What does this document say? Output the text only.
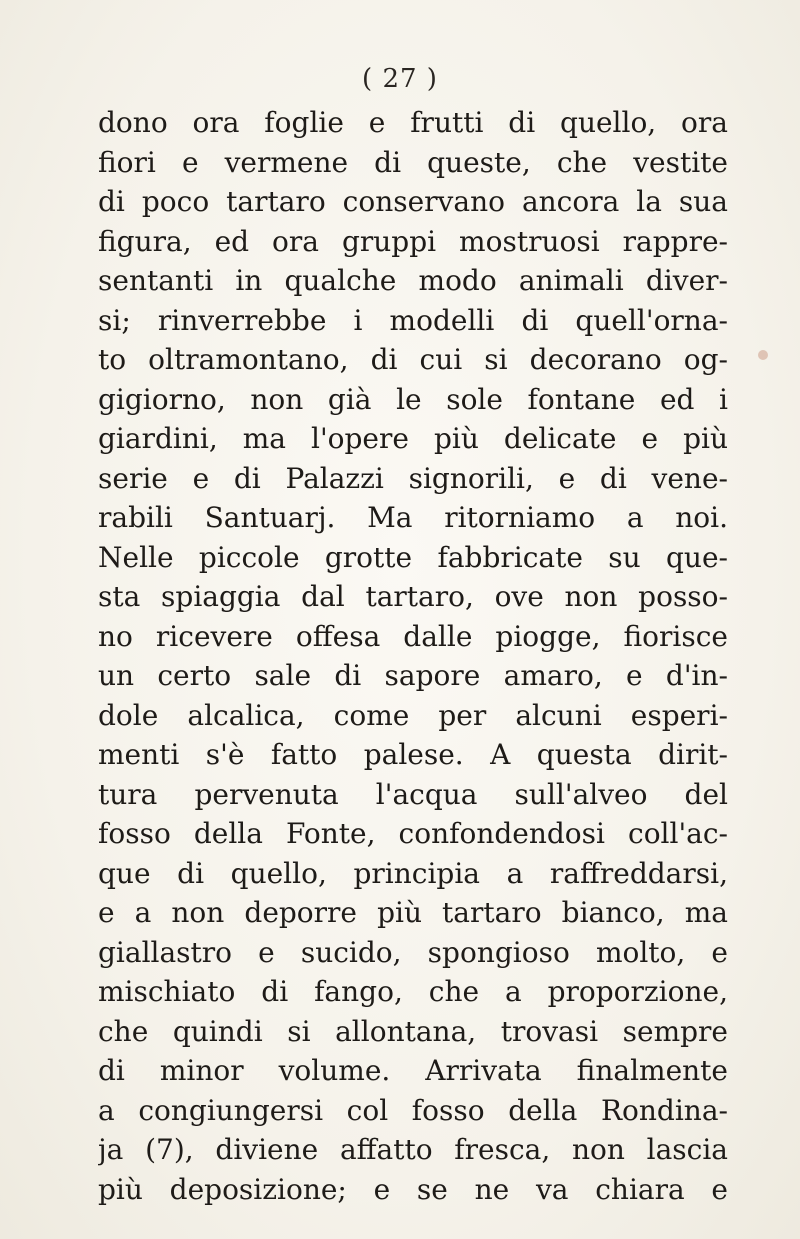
( 27 )
dono ora foglie e frutti di quello, ora
fiori e vermene di queste, che vestite
di poco tartaro conservano ancora la sua
figura, ed ora gruppi mostruosi rappre-
sentanti in qualche modo animali diver-
si; rinverrebbe i modelli di quell'orna-
to oltramontano, di cui si decorano og-
gigiorno, non già le sole fontane ed i
giardini, ma l'opere più delicate e più
serie e di Palazzi signorili, e di vene-
rabili Santuarj. Ma ritorniamo a noi.
Nelle piccole grotte fabbricate su que-
sta spiaggia dal tartaro, ove non posso-
no ricevere offesa dalle piogge, fiorisce
un certo sale di sapore amaro, e d'in-
dole alcalica, come per alcuni esperi-
menti s'è fatto palese. A questa dirit-
tura pervenuta l'acqua sull'alveo del
fosso della Fonte, confondendosi coll'ac-
que di quello, principia a raffreddarsi,
e a non deporre più tartaro bianco, ma
giallastro e sucido, spongioso molto, e
mischiato di fango, che a proporzione,
che quindi si allontana, trovasi sempre
di minor volume. Arrivata finalmente
a congiungersi col fosso della Rondina-
ja (7), diviene affatto fresca, non lascia
più deposizione; e se ne va chiara e
